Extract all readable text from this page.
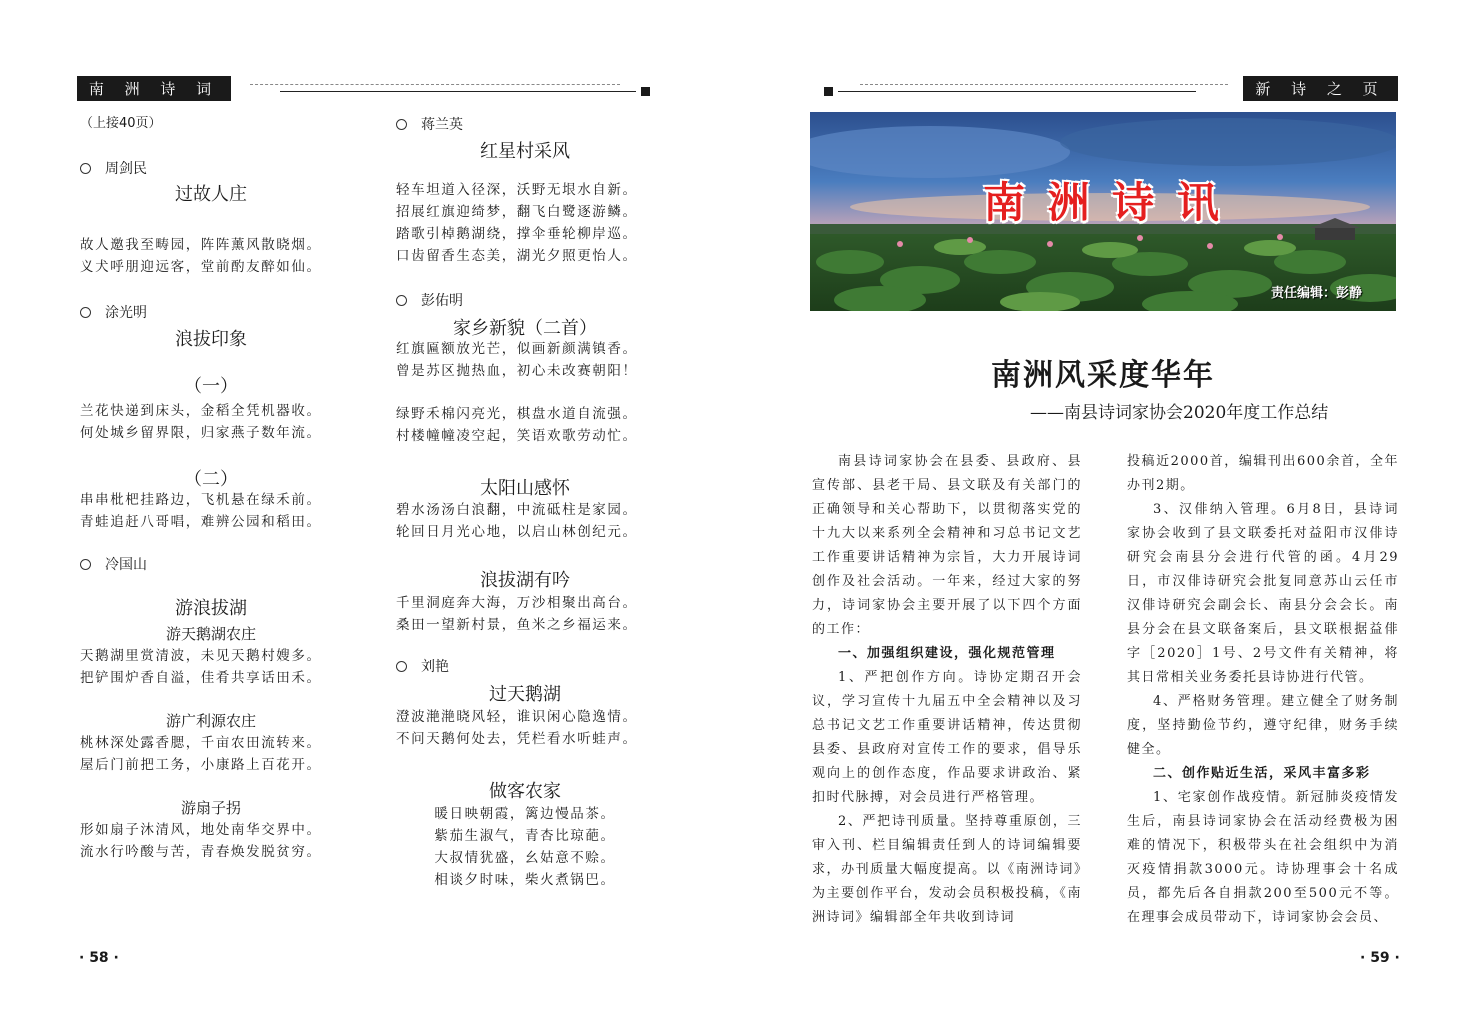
南 洲 诗 词
（上接40页）
周剑民
过故人庄
故人邀我至畴园，阵阵薰风散晓烟。
义犬呼朋迎远客，堂前酌友醉如仙。
涂光明
浪拔印象
（一）
兰花快递到床头，金稻全凭机器收。
何处城乡留界限，归家燕子数年流。
（二）
串串枇杷挂路边，飞机悬在绿禾前。
青蛙追赶八哥唱，难辨公园和稻田。
冷国山
游浪拔湖
游天鹅湖农庄
天鹅湖里赏清波，未见天鹅村嫂多。
把铲围炉香自溢，佳肴共享话田禾。
游广利源农庄
桃林深处露香腮，千亩农田流转来。
屋后门前把工务，小康路上百花开。
游扇子拐
形如扇子沐清风，地处南华交界中。
流水行吟酸与苦，青春焕发脱贫穷。
蒋兰英
红星村采风
轻车坦道入径深，沃野无垠水自新。
招展红旗迎绮梦，翻飞白鹭逐游鳞。
踏歌引棹鹅湖绕，撑伞垂轮柳岸巡。
口齿留香生态美，湖光夕照更怡人。
彭佑明
家乡新貌（二首）
红旗匾额放光芒，似画新颜满镇香。
曾是苏区抛热血，初心未改赛朝阳！
绿野禾棉闪亮光，棋盘水道自流强。
村楼幢幢凌空起，笑语欢歌劳动忙。
太阳山感怀
碧水汤汤白浪翻，中流砥柱是家园。
轮回日月光心地，以启山林创纪元。
浪拔湖有吟
千里洞庭奔大海，万沙相聚出高台。
桑田一望新村景，鱼米之乡福运来。
刘艳
过天鹅湖
澄波滟滟晓风轻，谁识闲心隐逸情。
不问天鹅何处去，凭栏看水听蛙声。
做客农家
暖日映朝霞，篱边慢品茶。
紫茄生淑气，青杏比琼葩。
大叔情犹盛，幺姑意不赊。
相谈夕时味，柴火煮锅巴。
· 58 ·
新 诗 之 页
南 洲 诗 讯
责任编辑：彭静
南洲风采度华年
——南县诗词家协会2020年度工作总结

南县诗词家协会在县委、县政府、县宣传部、县老干局、县文联及有关部门的正确领导和关心帮助下，以贯彻落实党的十九大以来系列全会精神和习总书记文艺工作重要讲话精神为宗旨，大力开展诗词创作及社会活动。一年来，经过大家的努力，诗词家协会主要开展了以下四个方面的工作：

一、加强组织建设，强化规范管理

1、严把创作方向。诗协定期召开会议，学习宣传十九届五中全会精神以及习总书记文艺工作重要讲话精神，传达贯彻县委、县政府对宣传工作的要求，倡导乐观向上的创作态度，作品要求讲政治、紧扣时代脉搏，对会员进行严格管理。

2、严把诗刊质量。坚持尊重原创，三审入刊、栏目编辑责任到人的诗词编辑要求，办刊质量大幅度提高。以《南洲诗词》为主要创作平台，发动会员积极投稿，《南洲诗词》编辑部全年共收到诗词

投稿近2000首，编辑刊出600余首，全年办刊2期。

3、汉俳纳入管理。6月8日，县诗词家协会收到了县文联委托对益阳市汉俳诗研究会南县分会进行代管的函。4月29日，市汉俳诗研究会批复同意苏山云任市汉俳诗研究会副会长、南县分会会长。南县分会在县文联备案后，县文联根据益俳字［2020］1号、2号文件有关精神，将其日常相关业务委托县诗协进行代管。

4、严格财务管理。建立健全了财务制度，坚持勤俭节约，遵守纪律，财务手续健全。

二、创作贴近生活，采风丰富多彩

1、宅家创作战疫情。新冠肺炎疫情发生后，南县诗词家协会在活动经费极为困难的情况下，积极带头在社会组织中为消灭疫情捐款3000元。诗协理事会十名成员，都先后各自捐款200至500元不等。在理事会成员带动下，诗词家协会会员、

· 59 ·
